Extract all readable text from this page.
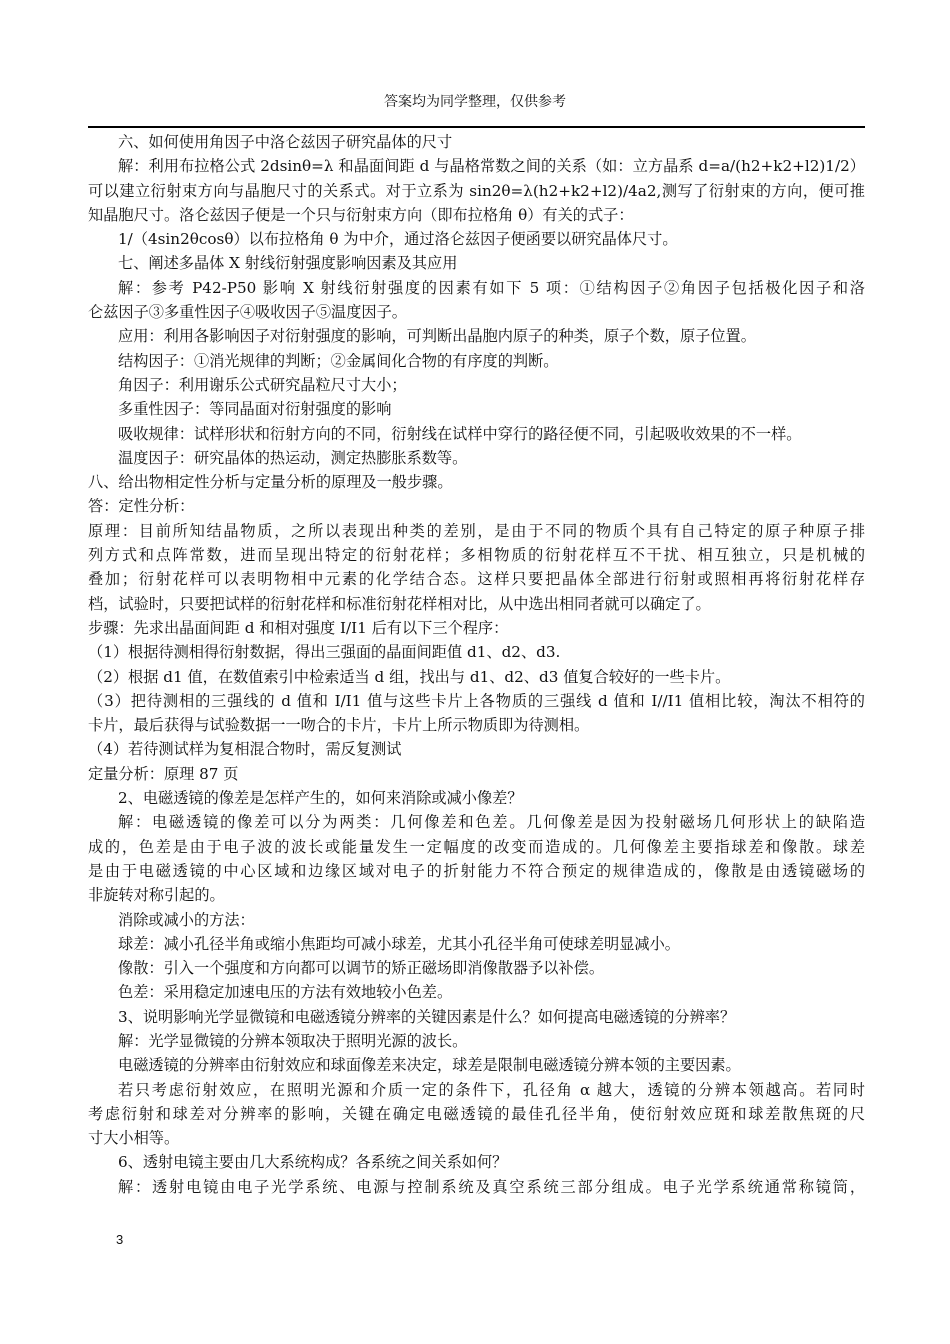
答案均为同学整理，仅供参考
六、如何使用角因子中洛仑兹因子研究晶体的尺寸
解：利用布拉格公式 2dsinθ=λ 和晶面间距 d 与晶格常数之间的关系（如：立方晶系 d=a/(h2+k2+l2)1/2）
可以建立衍射束方向与晶胞尺寸的关系式。对于立系为 sin2θ=λ(h2+k2+l2)/4a2,测写了衍射束的方向，便可推
知晶胞尺寸。洛仑兹因子便是一个只与衍射束方向（即布拉格角 θ）有关的式子：
1/（4sin2θcosθ）以布拉格角 θ 为中介，通过洛仑兹因子便函要以研究晶体尺寸。
七、阐述多晶体 X 射线衍射强度影响因素及其应用
解：参考 P42-P50 影响 X 射线衍射强度的因素有如下 5 项：①结构因子②角因子包括极化因子和洛
仑兹因子③多重性因子④吸收因子⑤温度因子。
应用：利用各影响因子对衍射强度的影响，可判断出晶胞内原子的种类，原子个数，原子位置。
结构因子：①消光规律的判断；②金属间化合物的有序度的判断。
角因子：利用谢乐公式研究晶粒尺寸大小；
多重性因子：等同晶面对衍射强度的影响
吸收规律：试样形状和衍射方向的不同，衍射线在试样中穿行的路径便不同，引起吸收效果的不一样。
温度因子：研究晶体的热运动，测定热膨胀系数等。
八、给出物相定性分析与定量分析的原理及一般步骤。
答：定性分析：
原理：目前所知结晶物质，之所以表现出种类的差别，是由于不同的物质个具有自己特定的原子种原子排
列方式和点阵常数，进而呈现出特定的衍射花样；多相物质的衍射花样互不干扰、相互独立，只是机械的
叠加；衍射花样可以表明物相中元素的化学结合态。这样只要把晶体全部进行衍射或照相再将衍射花样存
档，试验时，只要把试样的衍射花样和标准衍射花样相对比，从中选出相同者就可以确定了。
步骤：先求出晶面间距 d 和相对强度 I/I1 后有以下三个程序：
（1）根据待测相得衍射数据，得出三强面的晶面间距值 d1、d2、d3.
（2）根据 d1 值，在数值索引中检索适当 d 组，找出与 d1、d2、d3 值复合较好的一些卡片。
（3）把待测相的三强线的 d 值和 I/I1 值与这些卡片上各物质的三强线 d 值和 I//I1 值相比较，淘汰不相符的
卡片，最后获得与试验数据一一吻合的卡片，卡片上所示物质即为待测相。
（4）若待测试样为复相混合物时，需反复测试
定量分析：原理 87 页
2、电磁透镜的像差是怎样产生的，如何来消除或减小像差？
解：电磁透镜的像差可以分为两类：几何像差和色差。几何像差是因为投射磁场几何形状上的缺陷造
成的，色差是由于电子波的波长或能量发生一定幅度的改变而造成的。几何像差主要指球差和像散。球差
是由于电磁透镜的中心区域和边缘区域对电子的折射能力不符合预定的规律造成的，像散是由透镜磁场的
非旋转对称引起的。
消除或减小的方法：
球差：减小孔径半角或缩小焦距均可减小球差，尤其小孔径半角可使球差明显减小。
像散：引入一个强度和方向都可以调节的矫正磁场即消像散器予以补偿。
色差：采用稳定加速电压的方法有效地较小色差。
3、说明影响光学显微镜和电磁透镜分辨率的关键因素是什么？如何提高电磁透镜的分辨率？
解：光学显微镜的分辨本领取决于照明光源的波长。
电磁透镜的分辨率由衍射效应和球面像差来决定，球差是限制电磁透镜分辨本领的主要因素。
若只考虑衍射效应，在照明光源和介质一定的条件下，孔径角 α 越大，透镜的分辨本领越高。若同时
考虑衍射和球差对分辨率的影响，关键在确定电磁透镜的最佳孔径半角，使衍射效应斑和球差散焦斑的尺
寸大小相等。
6、透射电镜主要由几大系统构成？各系统之间关系如何？
解：透射电镜由电子光学系统、电源与控制系统及真空系统三部分组成。电子光学系统通常称镜筒，
3
